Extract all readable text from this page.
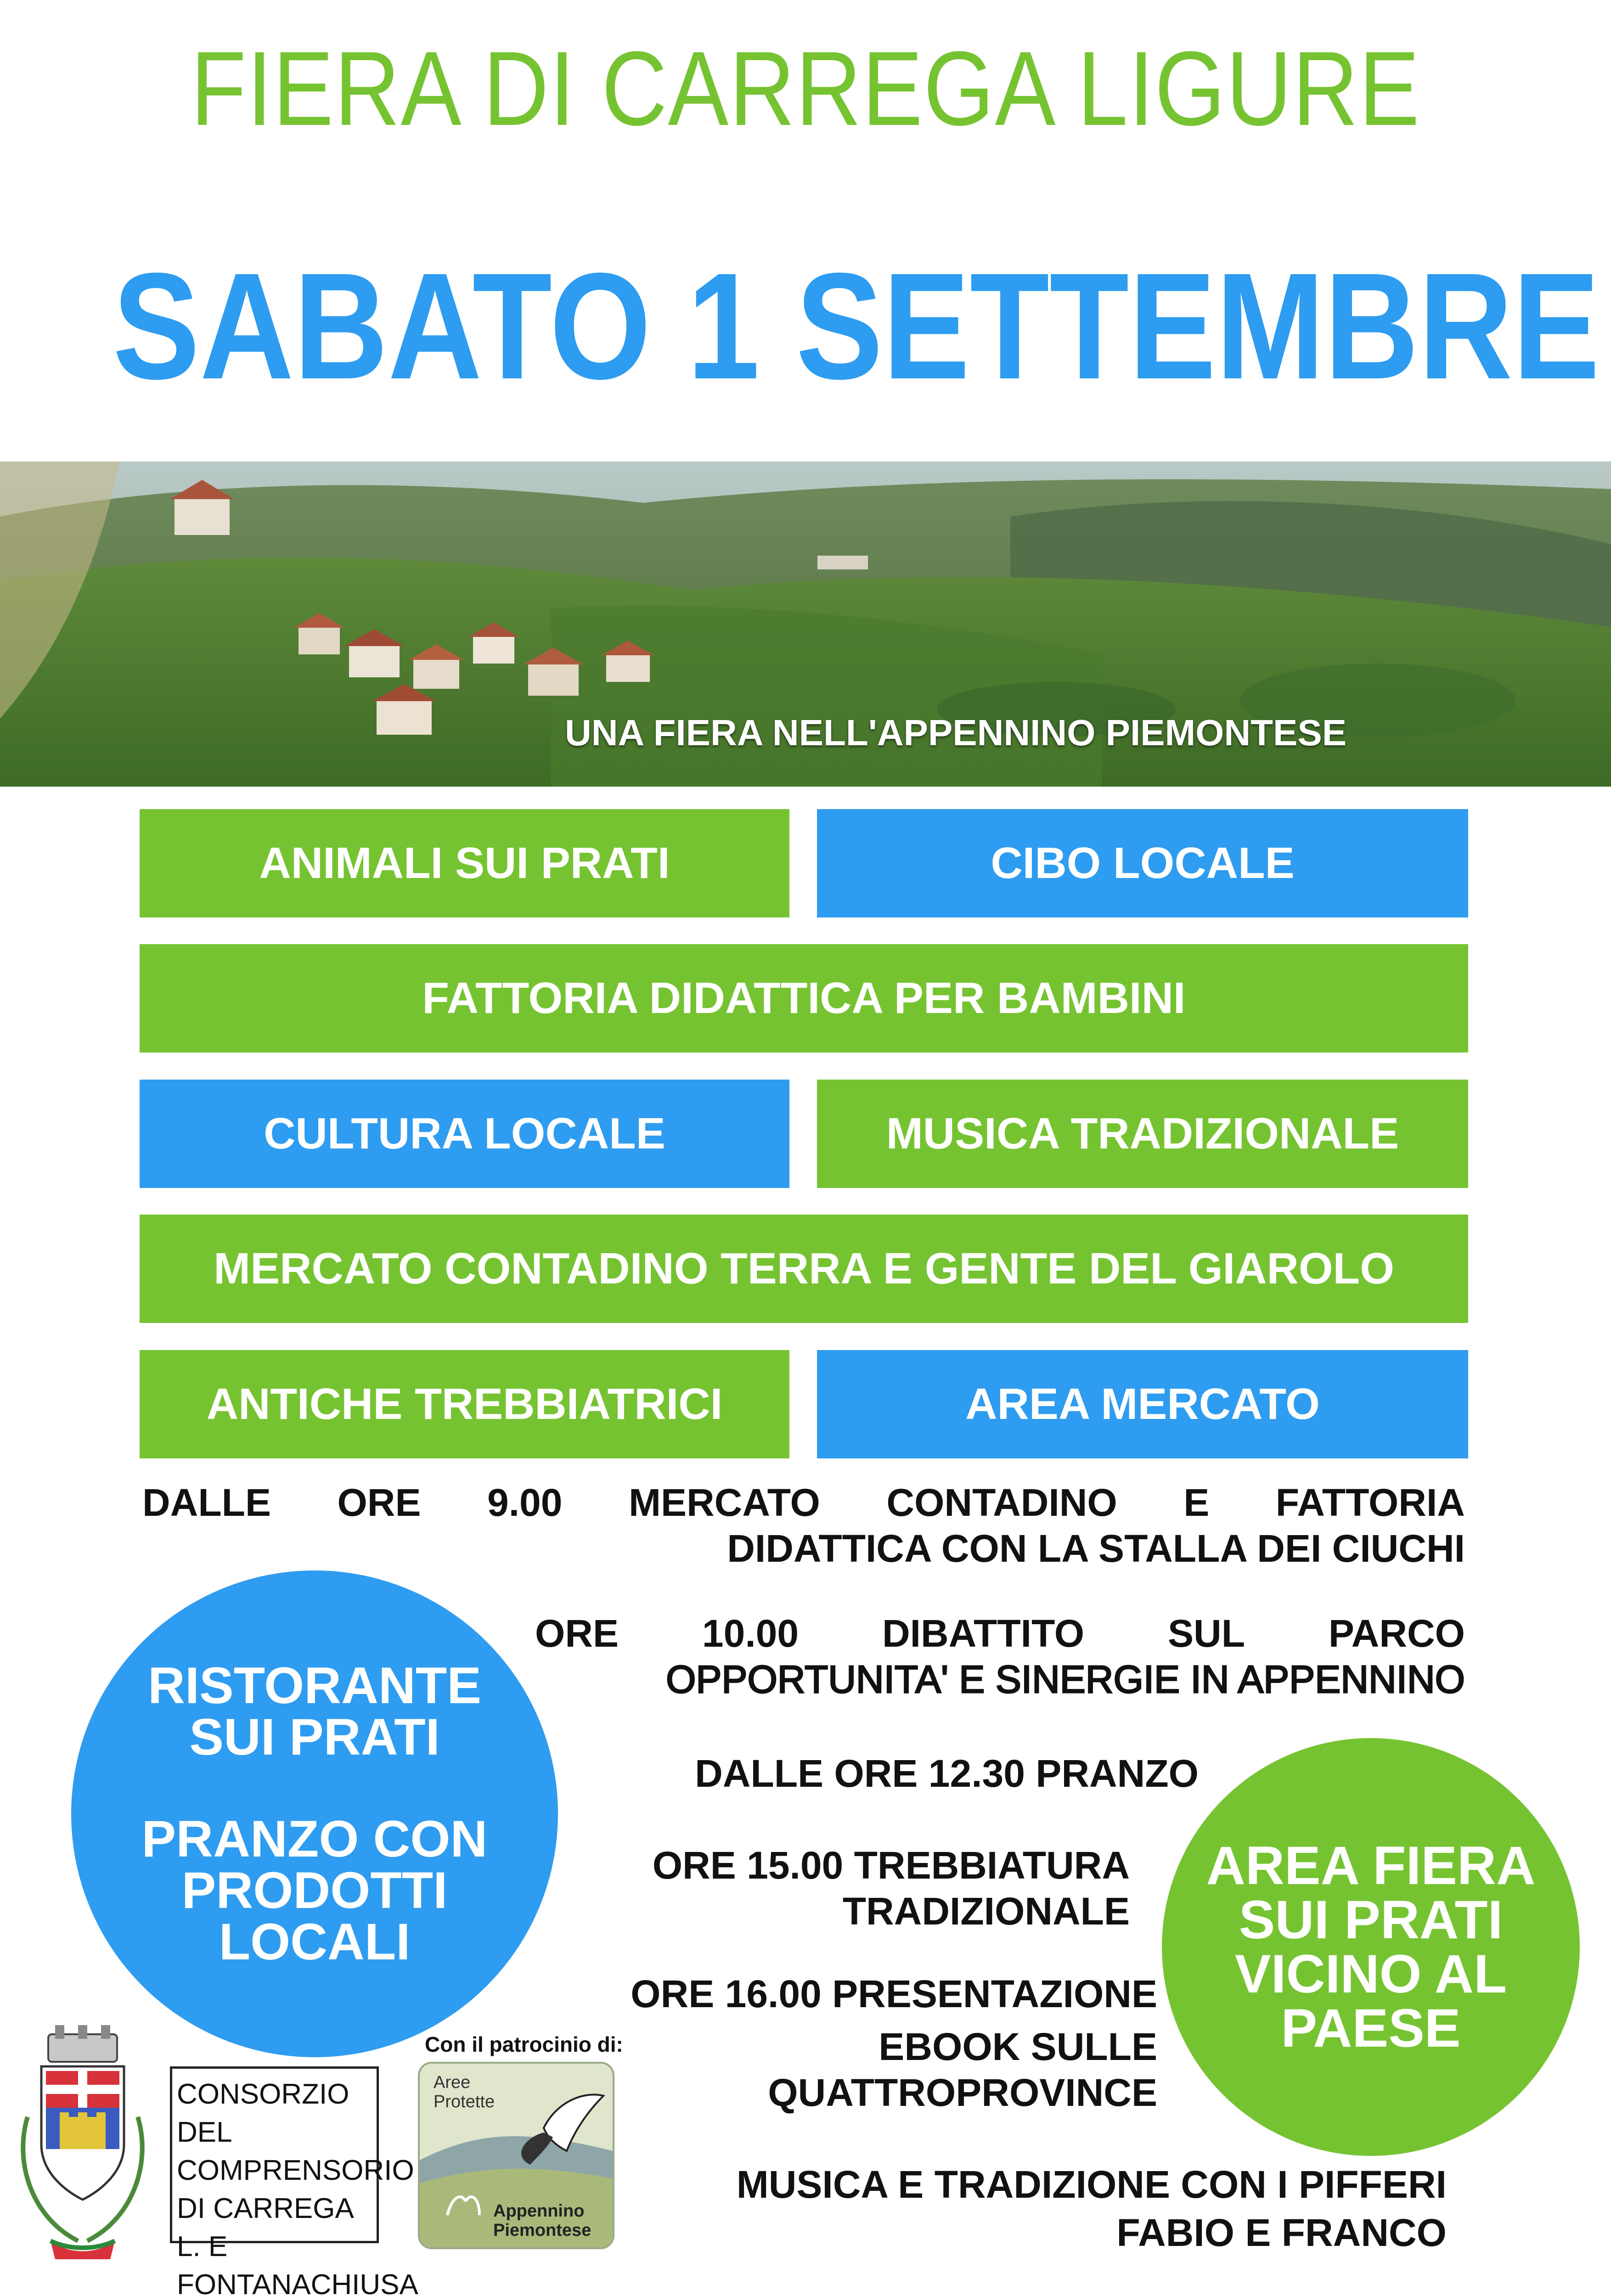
FIERA DI CARREGA LIGURE
SABATO 1 SETTEMBRE
UNA FIERA NELL'APPENNINO PIEMONTESE
ANIMALI SUI PRATI	CIBO LOCALE
FATTORIA DIDATTICA PER BAMBINI
CULTURA LOCALE	MUSICA TRADIZIONALE
MERCATO CONTADINO TERRA E GENTE DEL GIAROLO
ANTICHE TREBBIATRICI	AREA MERCATO
DALLE ORE 9.00 MERCATO CONTADINO E FATTORIA
DIDATTICA CON LA STALLA DEI CIUCHI
ORE 10.00 DIBATTITO SUL PARCO
OPPORTUNITA' E SINERGIE IN APPENNINO
DALLE ORE 12.30 PRANZO
ORE 15.00 TREBBIATURA
TRADIZIONALE
ORE 16.00 PRESENTAZIONE
EBOOK SULLE
QUATTROPROVINCE
MUSICA E TRADIZIONE CON I PIFFERI
FABIO E FRANCO
RISTORANTE
SUI PRATI
PRANZO CON
PRODOTTI
LOCALI
AREA FIERA
SUI PRATI
VICINO AL
PAESE
CONSORZIO DEL
COMPRENSORIO
DI CARREGA L. E
FONTANACHIUSA
Con il patrocinio di:
Aree
Protette
Appennino
Piemontese
